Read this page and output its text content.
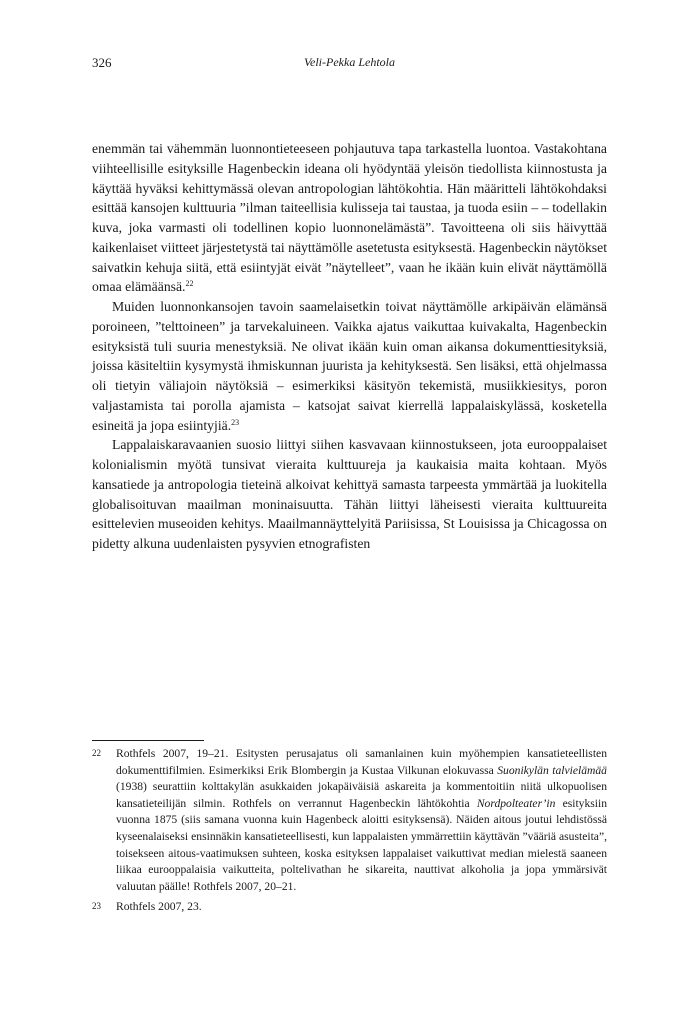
326	Veli-Pekka Lehtola

enemmän tai vähemmän luonnontieteeseen pohjautuva tapa tarkastella luontoa. Vastakohtana viihteellisille esityksille Hagenbeckin ideana oli hyödyntää yleisön tiedollista kiinnostusta ja käyttää hyväksi kehittymässä olevan antropologian lähtökohtia. Hän määritteli lähtökohdaksi esittää kansojen kulttuuria ”ilman taiteellisia kulisseja tai taustaa, ja tuoda esiin – – todellakin kuva, joka varmasti oli todellinen kopio luonnonelämästä”. Tavoitteena oli siis häivyttää kaikenlaiset viitteet järjestetystä tai näyttämölle asetetusta esityksestä. Hagenbeckin näytökset saivatkin kehuja siitä, että esiintyjät eivät ”näytelleet”, vaan he ikään kuin elivät näyttämöllä omaa elämäänsä.$^{22}$

Muiden luonnonkansojen tavoin saamelaisetkin toivat näyttämölle arkipäivän elämänsä poroineen, ”telttoineen” ja tarvekaluineen. Vaikka ajatus vaikuttaa kuivakalta, Hagenbeckin esityksistä tuli suuria menestyksiä. Ne olivat ikään kuin oman aikansa dokumenttiesityksiä, joissa käsiteltiin kysymystä ihmiskunnan juurista ja kehityksestä. Sen lisäksi, että ohjelmassa oli tietyin väliajoin näytöksiä – esimerkiksi käsityön tekemistä, musiikkiesitys, poron valjastamista tai porolla ajamista – katsojat saivat kierrellä lappalaiskylässä, kosketella esineitä ja jopa esiintyjiä.$^{23}$

Lappalaiskaravaanien suosio liittyi siihen kasvavaan kiinnostukseen, jota eurooppalaiset kolonialismin myötä tunsivat vieraita kulttuureja ja kaukaisia maita kohtaan. Myös kansatiede ja antropologia tieteinä alkoivat kehittyä samasta tarpeesta ymmärtää ja luokitella globalisoituvan maailman moninaisuutta. Tähän liittyi läheisesti vieraita kulttuureita esittelevien museoiden kehitys. Maailmannäyttelyitä Pariisissa, St Louisissa ja Chicagossa on pidetty alkuna uudenlaisten pysyvien etnografisten

22 Rothfels 2007, 19–21. Esitysten perusajatus oli samanlainen kuin myöhempien kansatieteellisten dokumenttifilmien. Esimerkiksi Erik Blombergin ja Kustaa Vilkunan elokuvassa Suonikylän talvielämää (1938) seurattiin kolttakylän asukkaiden jokapäiväisiä askareita ja kommentoitiin niitä ulkopuolisen kansatieteilijän silmin. Rothfels on verrannut Hagenbeckin lähtökohtia Nordpolteater’in esityksiin vuonna 1875 (siis samana vuonna kuin Hagenbeck aloitti esityksensä). Näiden aitous joutui lehdistössä kyseenalaiseksi ensinnäkin kansatieteellisesti, kun lappalaisten ymmärrettiin käyttävän ”vääriä asusteita”, toisekseen aitous-vaatimuksen suhteen, koska esityksen lappalaiset vaikuttivat median mielestä saaneen liikaa eurooppalaisia vaikutteita, poltelivathan he sikareita, nauttivat alkoholia ja jopa ymmärsivät valuutan päälle! Rothfels 2007, 20–21.
23 Rothfels 2007, 23.
